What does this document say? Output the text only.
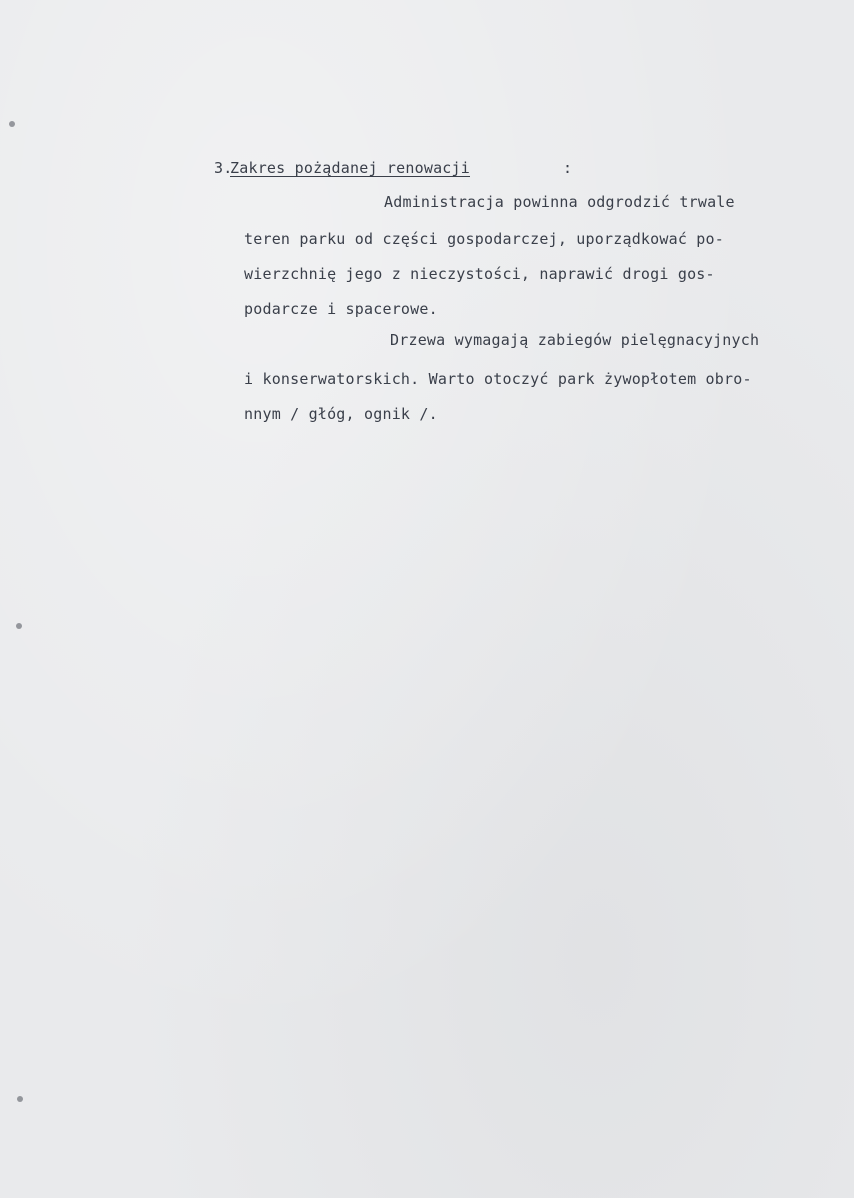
3.
Zakres pożądanej renowacji	:
Administracja powinna odgrodzić trwale
teren parku od części gospodarczej, uporządkować po-
wierzchnię jego z nieczystości, naprawić drogi gos-
podarcze i spacerowe.
Drzewa wymagają zabiegów pielęgnacyjnych
i konserwatorskich. Warto otoczyć park żywopłotem obro-
nnym / głóg, ognik /.
